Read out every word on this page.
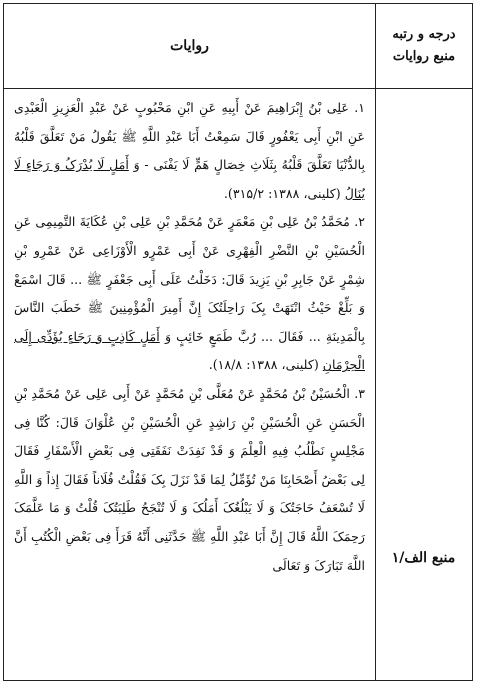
درجه و رتبه
منبع روایات
روایات
منبع الف/۱

۱. عَلِی بْنُ إِبْرَاهِیمَ عَنْ أَبِیهِ عَنِ ابْنِ مَحْبُوبٍ عَنْ عَبْدِ الْعَزِیزِ الْعَبْدِی عَنِ ابْنِ أَبِی یَعْفُورٍ قَالَ سَمِعْتُ أَبَا عَبْدِ اللَّهِ ﷺ یَقُولُ مَنْ تَعَلَّقَ قَلْبُهُ بِالدُّنْیَا تَعَلَّقَ قَلْبُهُ بِثَلَاثِ خِصَالٍ هَمٍّ لَا یَفْنَی - وَ أَمَلٍ لَا یُدْرَکُ وَ رَجَاءٍ لَا یُنَالُ (کلینی، ۱۳۸۸: ۳۱۵/۲).

۲. مُحَمَّدُ بْنُ عَلِی بْنِ مَعْمَرٍ عَنْ مُحَمَّدِ بْنِ عَلِی بْنِ عُکَایَةَ التَّمِیمِی عَنِ الْحُسَیْنِ بْنِ النَّضْرِ الْفِهْرِی عَنْ أَبِی عَمْرٍو الْأَوْزَاعِی عَنْ عَمْرِو بْنِ شِمْرٍ عَنْ جَابِرِ بْنِ یَزِیدَ قَالَ: دَخَلْتُ عَلَی أَبِی جَعْفَرٍ ﷺ ... قَالَ اسْمَعْ وَ بَلِّغْ حَیْثُ انْتَهَتْ بِکَ رَاحِلَتُکَ إِنَّ أَمِیرَ الْمُؤْمِنِینَ ﷺ خَطَبَ النَّاسَ بِالْمَدِینَةِ ... فَقَالَ ... رُبَّ طَمَعٍ خَائِبٍ وَ أَمَلٍ کَاذِبٍ وَ رَجَاءٍ یُؤَدِّی إِلَی الْحِرْمَانِ (کلینی، ۱۳۸۸: ۱۸/۸).

۳. الْحُسَیْنُ بْنُ مُحَمَّدٍ عَنْ مُعَلَّی بْنِ مُحَمَّدٍ عَنْ أَبِی عَلِی عَنْ مُحَمَّدِ بْنِ الْحَسَنِ عَنِ الْحُسَیْنِ بْنِ رَاشِدٍ عَنِ الْحُسَیْنِ بْنِ عُلْوَانَ قَالَ: کُنَّا فِی مَجْلِسٍ نَطْلُبُ فِیهِ الْعِلْمَ وَ قَدْ نَفِدَتْ نَفَقَتِی فِی بَعْضِ الْأَسْفَارِ فَقَالَ لِی بَعْضُ أَصْحَابِنَا مَنْ تُؤَمِّلُ لِمَا قَدْ نَزَلَ بِکَ فَقُلْتُ فُلَاناً فَقَالَ إِذاً وَ اللَّهِ لَا تُسْعَفُ حَاجَتُکَ وَ لَا یَبْلُغُکَ أَمَلُکَ وَ لَا تُنْجَحُ طَلِبَتُکَ قُلْتُ وَ مَا عَلَّمَکَ رَحِمَکَ اللَّهُ قَالَ إِنَّ أَبَا عَبْدِ اللَّهِ ﷺ حَدَّثَنِی أَنَّهُ قَرَأَ فِی بَعْضِ الْکُتُبِ أَنَّ اللَّهَ تَبَارَکَ وَ تَعَالَی
